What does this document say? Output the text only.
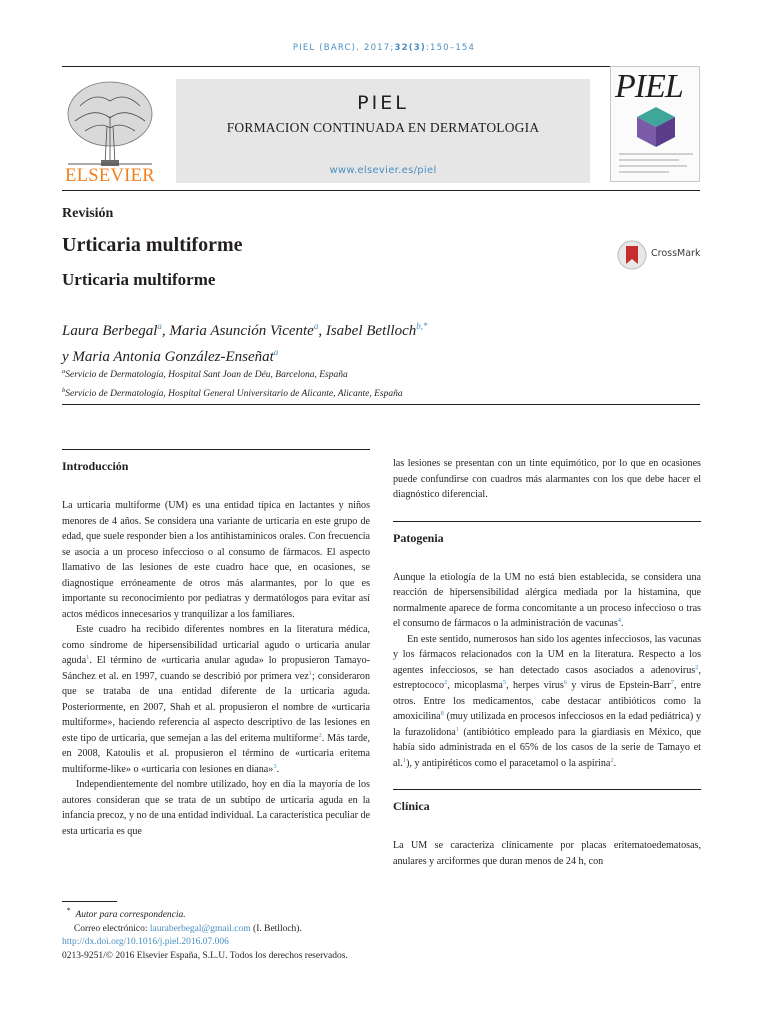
PIEL (BARC). 2017;32(3):150–154
ELSEVIER
PIEL
FORMACION CONTINUADA EN DERMATOLOGIA
www.elsevier.es/piel
PIEL
Revisión
Urticaria multiforme
Urticaria multiforme
CrossMark
Laura Berbegal$^a$, Maria Asunción Vicente$^a$, Isabel Betlloch$^{b,*}$
y Maria Antonia González-Enseñat$^a$
$^a$Servicio de Dermatología, Hospital Sant Joan de Déu, Barcelona, España
$^b$Servicio de Dermatología, Hospital General Universitario de Alicante, Alicante, España
Introducción

La urticaria multiforme (UM) es una entidad típica en lactantes y niños menores de 4 años. Se considera una variante de urticaria en este grupo de edad, que suele responder bien a los antihistamínicos orales. Con frecuencia se asocia a un proceso infeccioso o al consumo de fármacos. El aspecto llamativo de las lesiones de este cuadro hace que, en ocasiones, se diagnostique erróneamente de otros más alarmantes, por lo que es importante su reconocimiento por pediatras y dermatólogos para evitar así actos médicos innecesarios y tranquilizar a los familiares.

Este cuadro ha recibido diferentes nombres en la literatura médica, como síndrome de hipersensibilidad urticarial agudo o urticaria anular aguda$^1$. El término de «urticaria anular aguda» lo propusieron Tamayo-Sánchez et al. en 1997, cuando se describió por primera vez$^1$; consideraron que se trataba de una entidad diferente de la urticaria aguda. Posteriormente, en 2007, Shah et al. propusieron el nombre de «urticaria multiforme», haciendo referencia al aspecto descriptivo de las lesiones en este tipo de urticaria, que semejan a las del eritema multiforme$^2$. Más tarde, en 2008, Katoulis et al. propusieron el término de «urticaria eritema multiforme-like» o «urticaria con lesiones en diana»$^3$.

Independientemente del nombre utilizado, hoy en día la mayoría de los autores consideran que se trata de un subtipo de urticaria aguda en la infancia precoz, y no de una entidad individual. La característica peculiar de esta urticaria es que

las lesiones se presentan con un tinte equimótico, por lo que en ocasiones puede confundirse con cuadros más alarmantes con los que debe hacer el diagnóstico diferencial.

Patogenia

Aunque la etiología de la UM no está bien establecida, se considera una reacción de hipersensibilidad alérgica mediada por la histamina, que normalmente aparece de forma concomitante a un proceso infeccioso o tras el consumo de fármacos o la administración de vacunas$^4$.

En este sentido, numerosos han sido los agentes infecciosos, las vacunas y los fármacos relacionados con la UM en la literatura. Respecto a los agentes infecciosos, se han detectado casos asociados a adenovirus$^2$, estreptococo$^2$, micoplasma$^5$, herpes virus$^6$ y virus de Epstein-Barr$^7$, entre otros. Entre los medicamentos, cabe destacar antibióticos como la amoxicilina$^8$ (muy utilizada en procesos infecciosos en la edad pediátrica) y la furazolidona$^1$ (antibiótico empleado para la giardiasis en México, que había sido administrada en el 65% de los casos de la serie de Tamayo et al.$^1$), y antipiréticos como el paracetamol o la aspirina$^2$.

Clínica

La UM se caracteriza clínicamente por placas eritematoedematosas, anulares y arciformes que duran menos de 24 h, con

* Autor para correspondencia.
Correo electrónico: lauraberbegal@gmail.com (I. Betlloch).
http://dx.doi.org/10.1016/j.piel.2016.07.006
0213-9251/© 2016 Elsevier España, S.L.U. Todos los derechos reservados.
